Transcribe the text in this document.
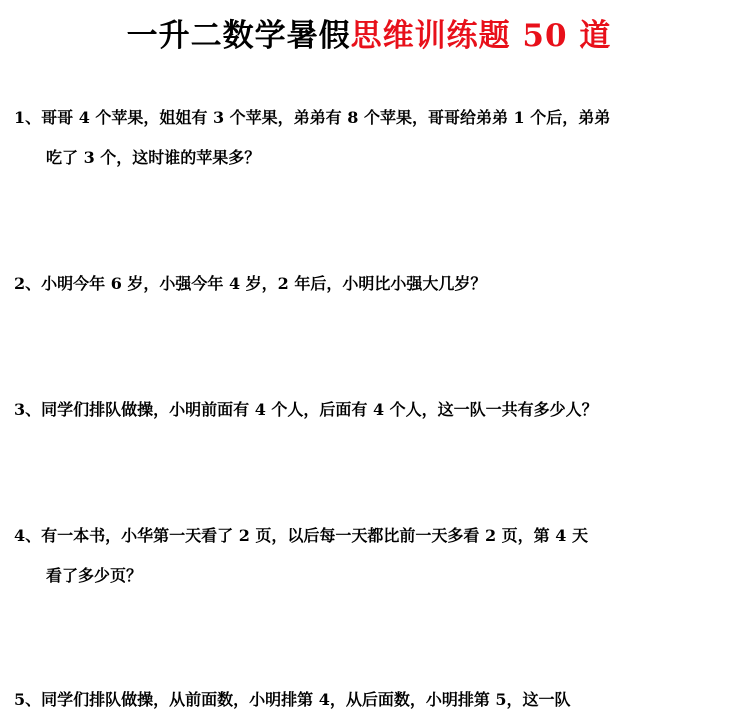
一升二数学暑假思维训练题 50 道
1、哥哥 4 个苹果，姐姐有 3 个苹果，弟弟有 8 个苹果，哥哥给弟弟 1 个后，弟弟
吃了 3 个，这时谁的苹果多？
2、小明今年 6 岁，小强今年 4 岁，2 年后，小明比小强大几岁？
3、同学们排队做操，小明前面有 4 个人，后面有 4 个人，这一队一共有多少人？
4、有一本书，小华第一天看了 2 页，以后每一天都比前一天多看 2 页，第 4 天
看了多少页？
5、同学们排队做操，从前面数，小明排第 4，从后面数，小明排第 5，这一队
